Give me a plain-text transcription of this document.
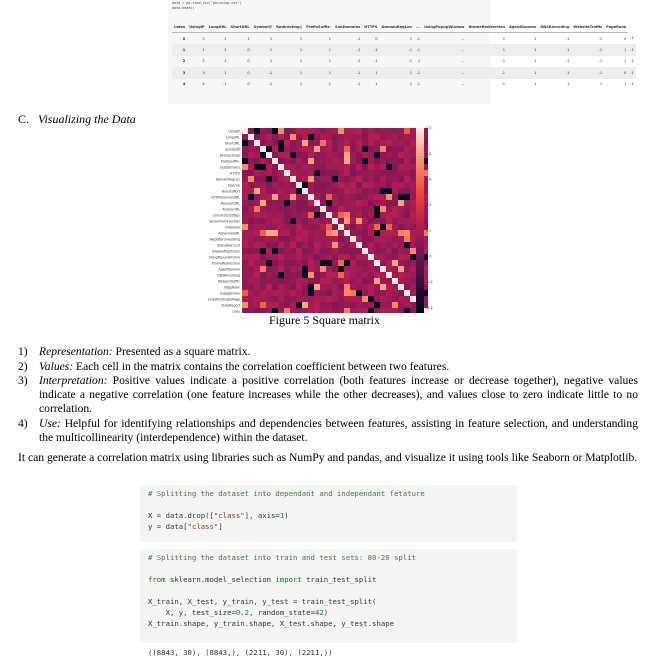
data = pd.read_csv("phishing.csv")
data.head()
Index	UsingIP	LongURL	ShortURL	Symbol@	Redirecting//	PrefixSuffix-	SubDomains	HTTPS	DomainRegLen	...	UsingPopupWindow	IframeRedirection	AgeofDomain	DNSRecording	WebsiteTraffic	PageRank	
0	0	1	1	1	1	1	-1	0	1	-1	...	1	1	-1	-1	0	-1
1	1	1	0	1	1	1	-1	-1	-1	-1	...	1	1	1	-1	1	-1
2	2	1	0	1	1	1	-1	-1	-1	1	...	1	1	-1	-1	1	-1
3	3	1	0	-1	1	1	-1	1	1	-1	...	-1	1	-1	-1	0	-1
4	4	-1	0	-1	1	-1	-1	1	1	-1	...	1	1	1	1	1	-1
C. Visualizing the Data
UsingIP
LongURL
ShortURL
Symbol@
Redirecting//
PrefixSuffix-
SubDomains
HTTPS
DomainRegLen
Favicon
NonStdPort
HTTPSDomainURL
RequestURL
AnchorURL
LinksInScriptTags
ServerFormHandler
InfoEmail
AbnormalURL
WebsiteForwarding
StatusBarCust
DisableRightClick
UsingPopupWindow
IframeRedirection
AgeofDomain
DNSRecording
WebsiteTraffic
PageRank
GoogleIndex
LinksPointingToPage
StatsReport
class
1.0
0.8
0.6
0.4
0.2
0.0
-0.2
-0.4
Figure 5 Square matrix
1) Representation: Presented as a square matrix.
2) Values: Each cell in the matrix contains the correlation coefficient between two features.
3) Interpretation: Positive values indicate a positive correlation (both features increase or decrease together), negative values indicate a negative correlation (one feature increases while the other decreases), and values close to zero indicate little to no correlation.
4) Use: Helpful for identifying relationships and dependencies between features, assisting in feature selection, and understanding the multicollinearity (interdependence) within the dataset.

It can generate a correlation matrix using libraries such as NumPy and pandas, and visualize it using tools like Seaborn or Matplotlib.

# Splitting the dataset into dependant and independant fetature
X = data.drop(["class"], axis=1)
y = data["class"]
# Splitting the dataset into train and test sets: 80-20 split
from sklearn.model_selection import train_test_split
X_train, X_test, y_train, y_test = train_test_split(
X, y, test_size=0.2, random_state=42)
X_train.shape, y_train.shape, X_test.shape, y_test.shape
((8843, 30), (8843,), (2211, 30), (2211,))
